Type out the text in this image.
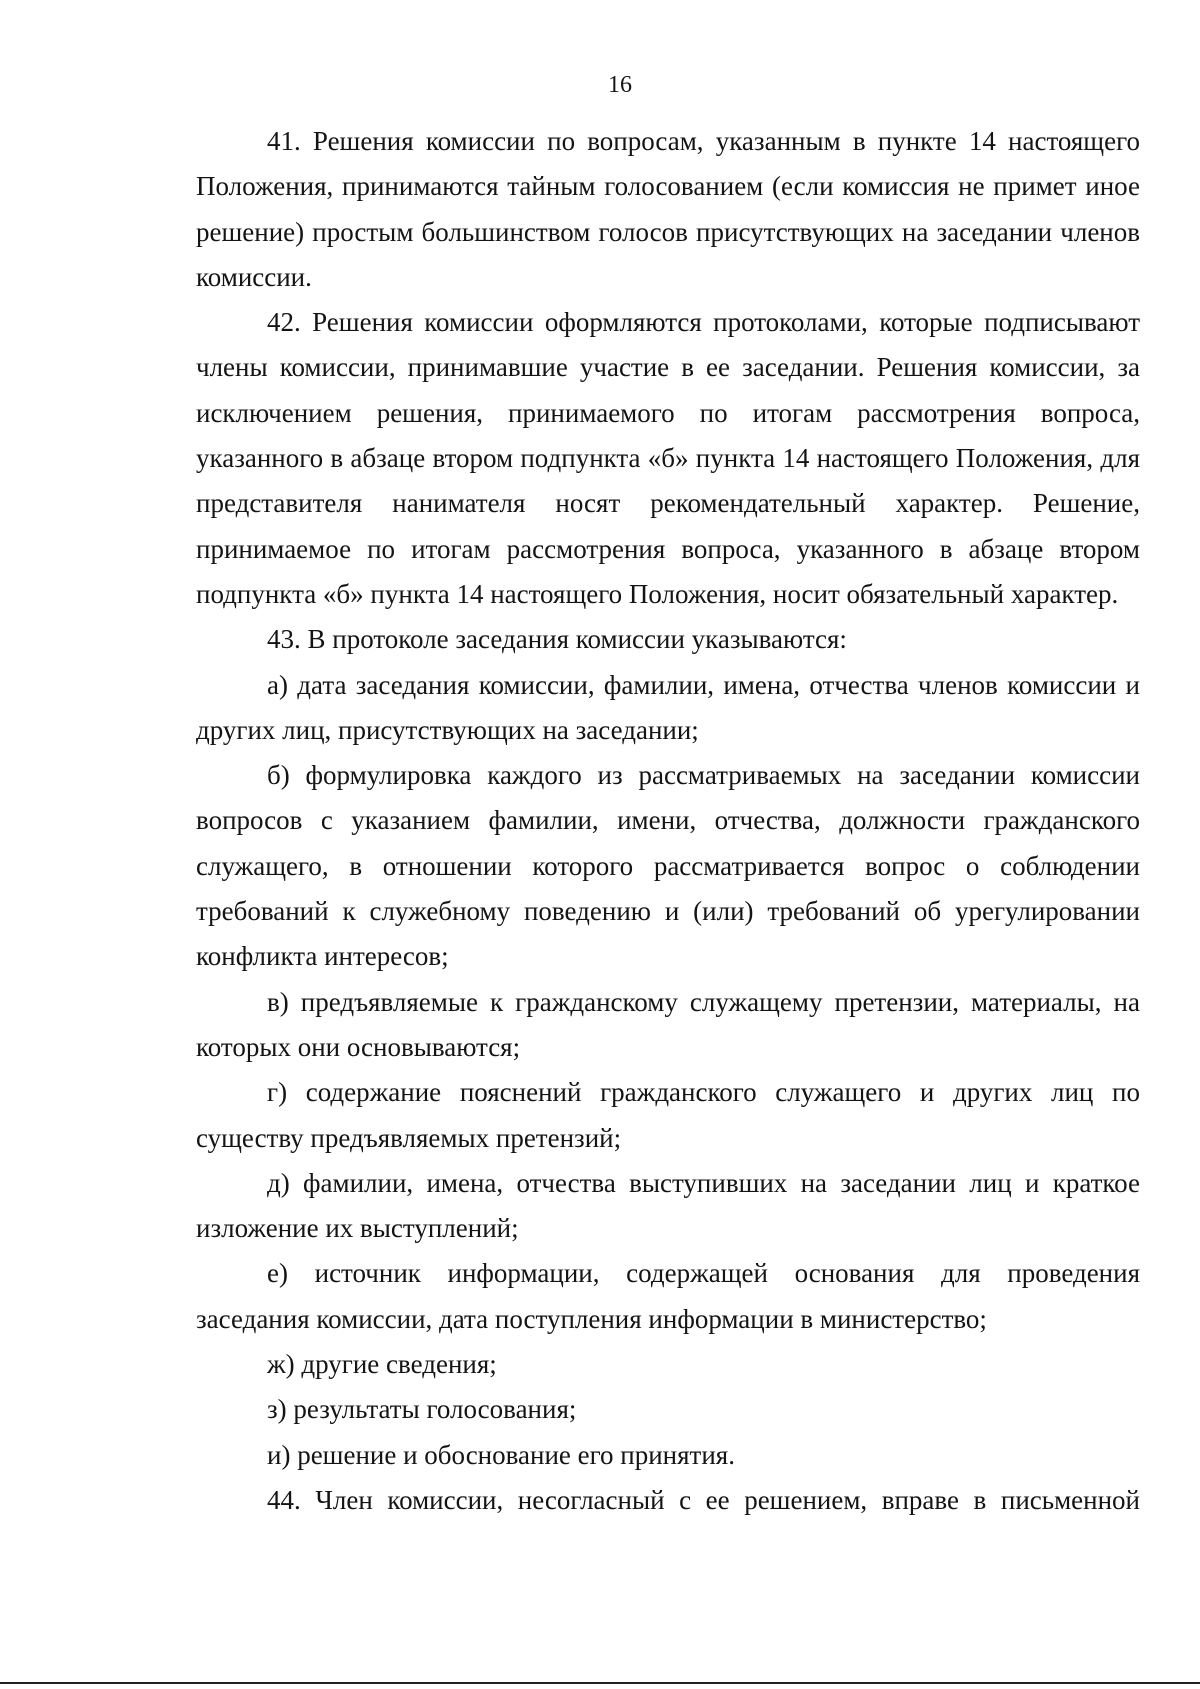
16

41. Решения комиссии по вопросам, указанным в пункте 14 настоящего Положения, принимаются тайным голосованием (если комиссия не примет иное решение) простым большинством голосов присутствующих на заседании членов комиссии.

42. Решения комиссии оформляются протоколами, которые подписывают члены комиссии, принимавшие участие в ее заседании. Решения комиссии, за исключением решения, принимаемого по итогам рассмотрения вопроса, указанного в абзаце втором подпункта «б» пункта 14 настоящего Положения, для представителя нанимателя носят рекомендательный характер. Решение, принимаемое по итогам рассмотрения вопроса, указанного в абзаце втором подпункта «б» пункта 14 настоящего Положения, носит обязательный характер.

43. В протоколе заседания комиссии указываются:

а) дата заседания комиссии, фамилии, имена, отчества членов комиссии и других лиц, присутствующих на заседании;

б) формулировка каждого из рассматриваемых на заседании комиссии вопросов с указанием фамилии, имени, отчества, должности гражданского служащего, в отношении которого рассматривается вопрос о соблюдении требований к служебному поведению и (или) требований об урегулировании конфликта интересов;

в) предъявляемые к гражданскому служащему претензии, материалы, на которых они основываются;

г) содержание пояснений гражданского служащего и других лиц по существу предъявляемых претензий;

д) фамилии, имена, отчества выступивших на заседании лиц и краткое изложение их выступлений;

е) источник информации, содержащей основания для проведения заседания комиссии, дата поступления информации в министерство;

ж) другие сведения;

з) результаты голосования;

и) решение и обоснование его принятия.

44. Член комиссии, несогласный с ее решением, вправе в письменной
